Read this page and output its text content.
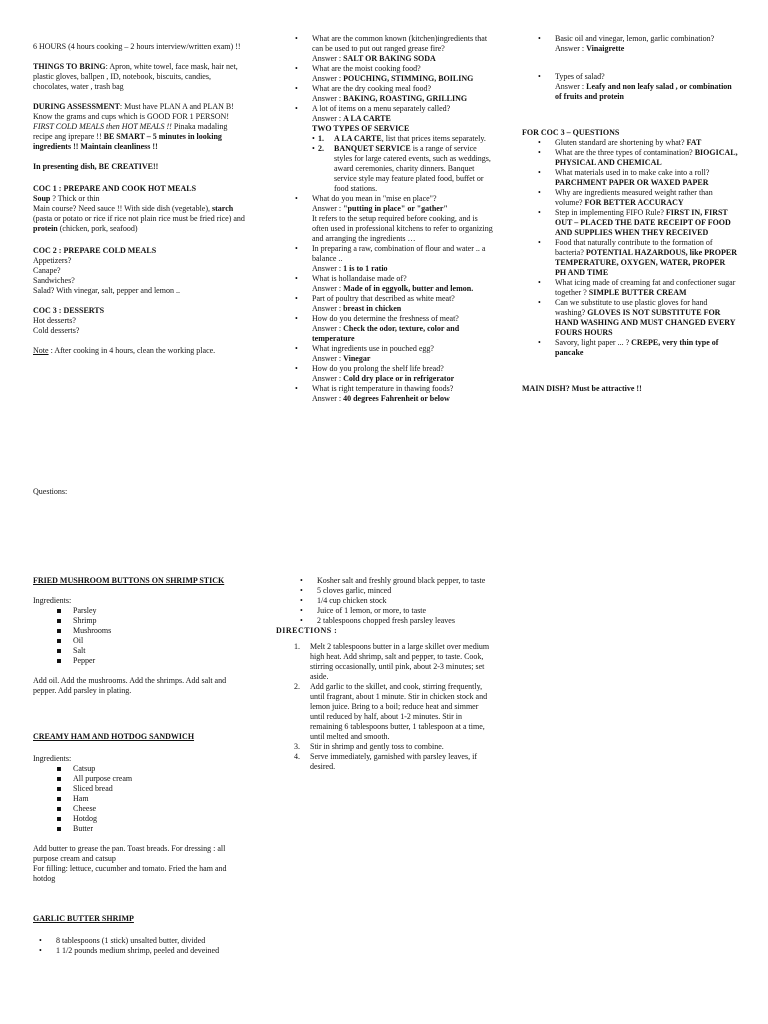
6 HOURS (4 hours cooking – 2 hours interview/written exam) !!

THINGS TO BRING: Apron, white towel, face mask, hair net, plastic gloves, ballpen , ID, notebook, biscuits, candies, chocolates, water , trash bag

DURING ASSESSMENT: Must have PLAN A and PLAN B! Know the grams and cups which is GOOD FOR 1 PERSON!

FIRST COLD MEALS then HOT MEALS !! Pinaka madaling recipe ang iprepare !! BE SMART – 5 minutes in looking ingredients !! Maintain cleanliness !!

In presenting dish, BE CREATIVE!!

COC 1 : PREPARE AND COOK HOT MEALS

Soup ? Thick or thin

Main course? Need sauce !! With side dish (vegetable), starch (pasta or potato or rice if rice not plain rice must be fried rice) and protein (chicken, pork, seafood)

COC 2 : PREPARE COLD MEALS

Appetizers?

Canape?

Sandwiches?

Salad? With vinegar, salt, pepper and lemon ..

COC 3 : DESSERTS

Hot desserts?

Cold desserts?

Note : After cooking in 4 hours, clean the working place.

Questions:

• What are the common known (kitchen)ingredients that can be used to put out ranged grease fire?
Answer : SALT OR BAKING SODA
• What are the moist cooking food?
Answer : POUCHING, STIMMING, BOILING
• What are the dry cooking meal food?
Answer : BAKING, ROASTING, GRILLING
• A lot of items on a menu separately called?
Answer : A LA CARTE

TWO TYPES OF SERVICE

• 1. A LA CARTE, list that prices items separately.
• 2. BANQUET SERVICE is a range of service styles for large catered events, such as weddings, award ceremonies, charity dinners. Banquet service style may feature plated food, buffet or food stations.
• What do you mean in "mise en place"?
Answer : "putting in place" or "gather"
It refers to the setup required before cooking, and is often used in professional kitchens to refer to organizing and arranging the ingredients …
• In preparing a raw, combination of flour and water .. a balance ..
Answer : 1 is to 1 ratio
• What is hollandaise made of?
Answer : Made of in eggyolk, butter and lemon.
• Part of poultry that described as white meat?
Answer : breast in chicken
• How do you determine the freshness of meat?
Answer : Check the odor, texture, color and temperature
• What ingredients use in pouched egg?
Answer : Vinegar
• How do you prolong the shelf life bread?
Answer : Cold dry place or in refrigerator
• What is right temperature in thawing foods?
Answer : 40 degrees Fahrenheit or below
• Basic oil and vinegar, lemon, garlic combination?
Answer : Vinaigrette
• Types of salad?
Answer : Leafy and non leafy salad , or combination of fruits and protein

FOR COC 3 – QUESTIONS

• Gluten standard are shortening by what? FAT
• What are the three types of contamination? BIOGICAL, PHYSICAL AND CHEMICAL
• What materials used in to make cake into a roll? PARCHMENT PAPER OR WAXED PAPER
• Why are ingredients measured weight rather than volume? FOR BETTER ACCURACY
• Step in implementing FIFO Rule? FIRST IN, FIRST OUT – PLACED THE DATE RECEIPT OF FOOD AND SUPPLIES WHEN THEY RECEIVED
• Food that naturally contribute to the formation of bacteria? POTENTIAL HAZARDOUS, like PROPER TEMPERATURE, OXYGEN, WATER, PROPER PH AND TIME
• What icing made of creaming fat and confectioner sugar together ? SIMPLE BUTTER CREAM
• Can we substitute to use plastic gloves for hand washing? GLOVES IS NOT SUBSTITUTE FOR HAND WASHING AND MUST CHANGED EVERY FOURS HOURS
• Savory, light paper ... ? CREPE, very thin type of pancake

MAIN DISH? Must be attractive !!

FRIED MUSHROOM BUTTONS ON SHRIMP STICK

Ingredients:

Parsley
Shrimp
Mushrooms
Oil
Salt
Pepper

Add oil. Add the mushrooms. Add the shrimps. Add salt and pepper. Add parsley in plating.

CREAMY HAM AND HOTDOG SANDWICH

Ingredients:

Catsup
All purpose cream
Sliced bread
Ham
Cheese
Hotdog
Butter

Add butter to grease the pan. Toast breads. For dressing : all purpose cream and catsup

For filling: lettuce, cucumber and tomato. Fried the ham and hotdog

GARLIC BUTTER SHRIMP

• 8 tablespoons (1 stick) unsalted butter, divided
• 1 1/2 pounds medium shrimp, peeled and deveined
• Kosher salt and freshly ground black pepper, to taste
• 5 cloves garlic, minced
• 1/4 cup chicken stock
• Juice of 1 lemon, or more, to taste
• 2 tablespoons chopped fresh parsley leaves

DIRECTIONS :

1. Melt 2 tablespoons butter in a large skillet over medium high heat. Add shrimp, salt and pepper, to taste. Cook, stirring occasionally, until pink, about 2-3 minutes; set aside.
2. Add garlic to the skillet, and cook, stirring frequently, until fragrant, about 1 minute. Stir in chicken stock and lemon juice. Bring to a boil; reduce heat and simmer until reduced by half, about 1-2 minutes. Stir in remaining 6 tablespoons butter, 1 tablespoon at a time, until melted and smooth.
3. Stir in shrimp and gently toss to combine.
4. Serve immediately, garnished with parsley leaves, if desired.
